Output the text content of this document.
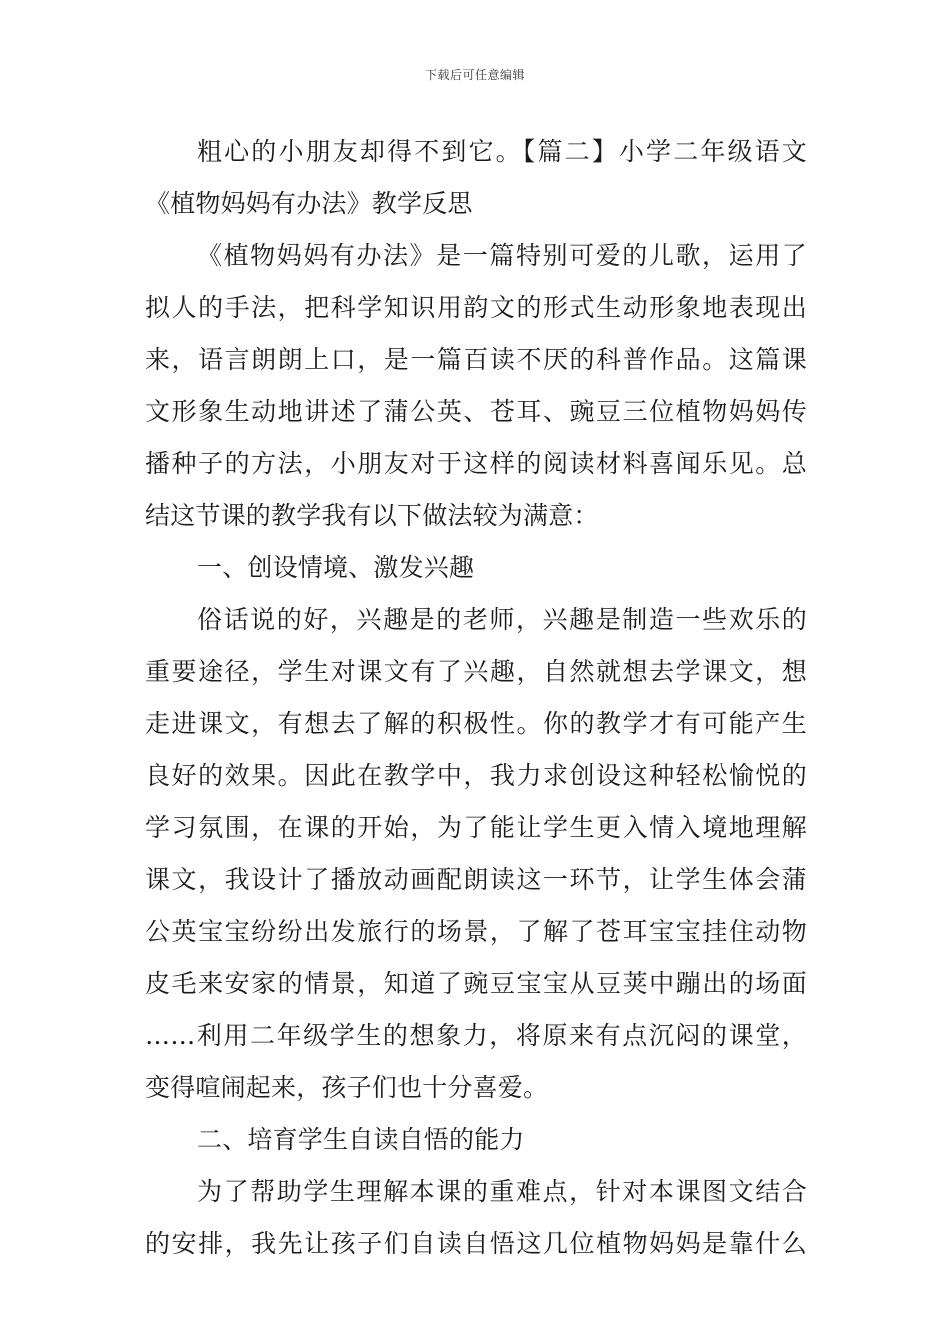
下载后可任意编辑
粗心的小朋友却得不到它。【篇二】小学二年级语文
《植物妈妈有办法》教学反思
《植物妈妈有办法》是一篇特别可爱的儿歌，运用了
拟人的手法，把科学知识用韵文的形式生动形象地表现出
来，语言朗朗上口，是一篇百读不厌的科普作品。这篇课
文形象生动地讲述了蒲公英、苍耳、豌豆三位植物妈妈传
播种子的方法，小朋友对于这样的阅读材料喜闻乐见。总
结这节课的教学我有以下做法较为满意：
一、创设情境、激发兴趣
俗话说的好，兴趣是的老师，兴趣是制造一些欢乐的
重要途径，学生对课文有了兴趣，自然就想去学课文，想
走进课文，有想去了解的积极性。你的教学才有可能产生
良好的效果。因此在教学中，我力求创设这种轻松愉悦的
学习氛围，在课的开始，为了能让学生更入情入境地理解
课文，我设计了播放动画配朗读这一环节，让学生体会蒲
公英宝宝纷纷出发旅行的场景，了解了苍耳宝宝挂住动物
皮毛来安家的情景，知道了豌豆宝宝从豆荚中蹦出的场面
……利用二年级学生的想象力，将原来有点沉闷的课堂，
变得喧闹起来，孩子们也十分喜爱。
二、培育学生自读自悟的能力
为了帮助学生理解本课的重难点，针对本课图文结合
的安排，我先让孩子们自读自悟这几位植物妈妈是靠什么
